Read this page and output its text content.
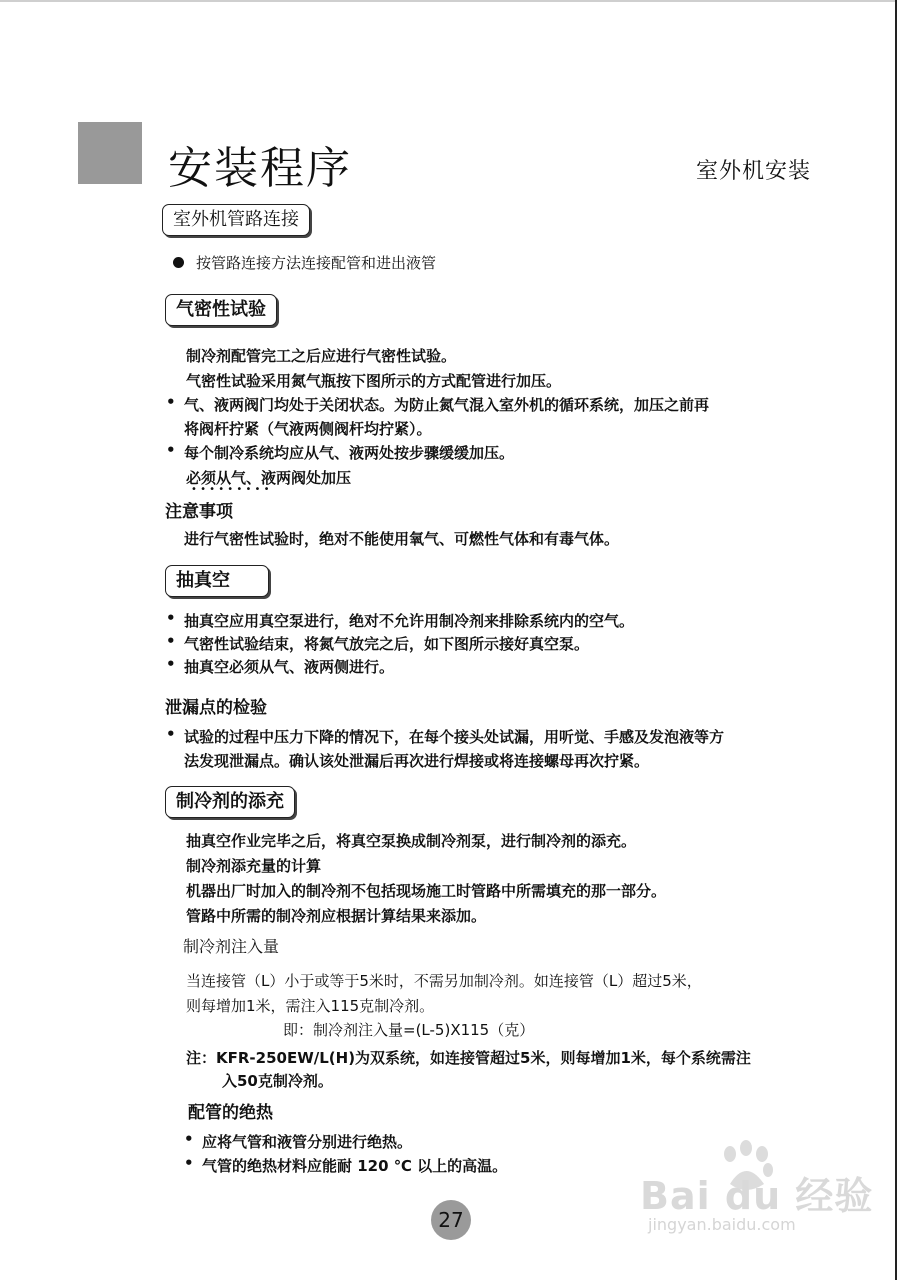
安装程序	室外机安装
室外机管路连接
按管路连接方法连接配管和进出液管
气密性试验
制冷剂配管完工之后应进行气密性试验。
气密性试验采用氮气瓶按下图所示的方式配管进行加压。
• 气、液两阀门均处于关闭状态。为防止氮气混入室外机的循环系统，加压之前再
将阀杆拧紧（气液两侧阀杆均拧紧）。
• 每个制冷系统均应从气、液两处按步骤缓缓加压。
必须从气、液两阀处加压
• • • • • • • • •
注意事项
进行气密性试验时，绝对不能使用氧气、可燃性气体和有毒气体。
抽真空
• 抽真空应用真空泵进行，绝对不允许用制冷剂来排除系统内的空气。
• 气密性试验结束，将氮气放完之后，如下图所示接好真空泵。
• 抽真空必须从气、液两侧进行。
泄漏点的检验
• 试验的过程中压力下降的情况下，在每个接头处试漏，用听觉、手感及发泡液等方
法发现泄漏点。确认该处泄漏后再次进行焊接或将连接螺母再次拧紧。
制冷剂的添充
抽真空作业完毕之后，将真空泵换成制冷剂泵，进行制冷剂的添充。
制冷剂添充量的计算
机器出厂时加入的制冷剂不包括现场施工时管路中所需填充的那一部分。
管路中所需的制冷剂应根据计算结果来添加。
制冷剂注入量
当连接管（L）小于或等于5米时，不需另加制冷剂。如连接管（L）超过5米，
则每增加1米，需注入115克制冷剂。
即：制冷剂注入量=(L-5)X115（克）
注：KFR-250EW/L(H)为双系统，如连接管超过5米，则每增加1米，每个系统需注
入50克制冷剂。
配管的绝热
• 应将气管和液管分别进行绝热。
• 气管的绝热材料应能耐 120 ℃ 以上的高温。
27
Bai du 经验
jingyan.baidu.com
